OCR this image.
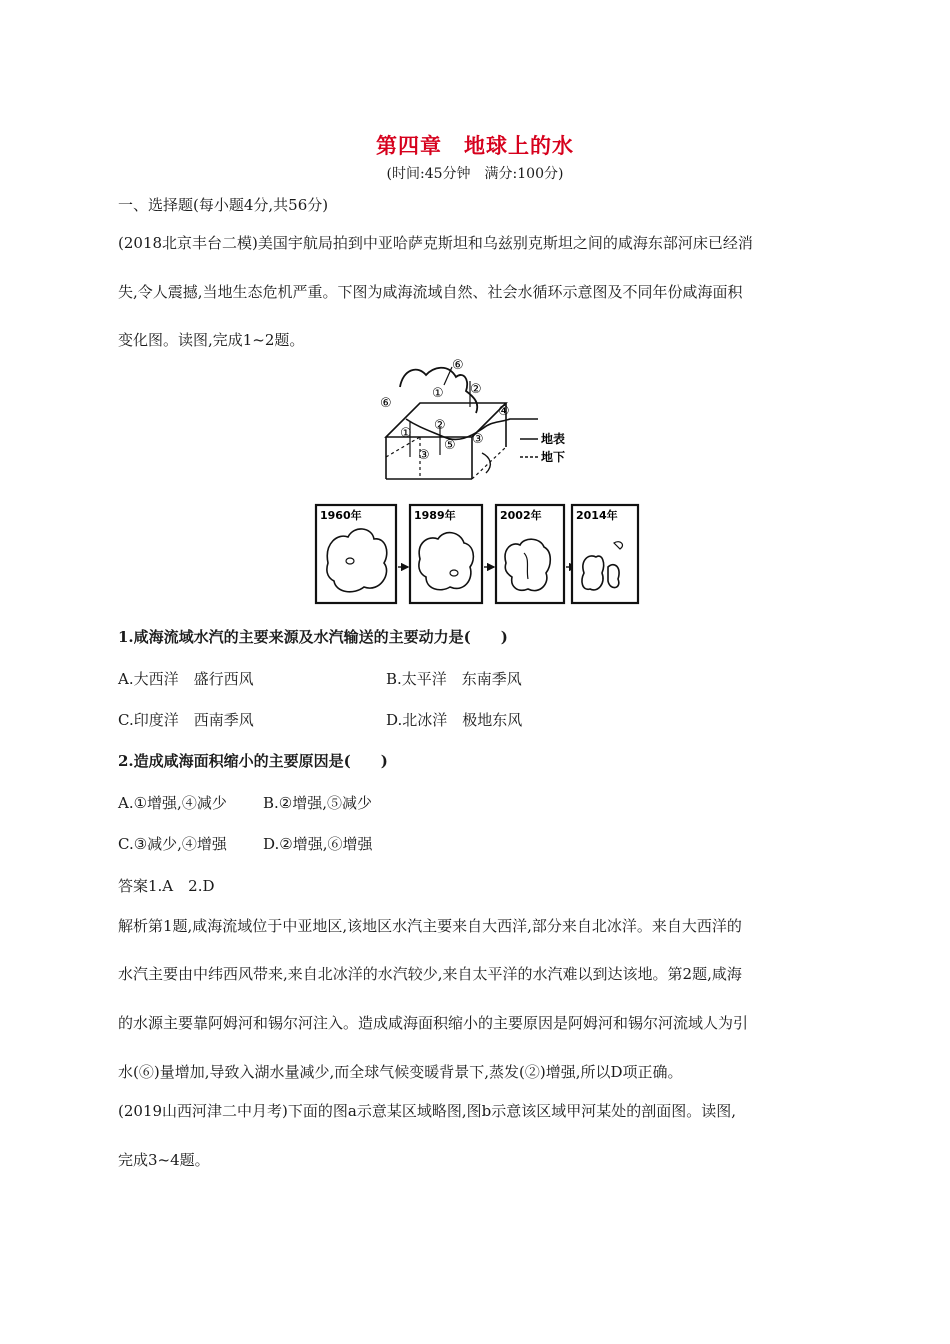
第四章　地球上的水
(时间:45分钟　满分:100分)
一、选择题(每小题4分,共56分)
(2018北京丰台二模)美国宇航局拍到中亚哈萨克斯坦和乌兹别克斯坦之间的咸海东部河床已经消
失,令人震撼,当地生态危机严重。下图为咸海流域自然、社会水循环示意图及不同年份咸海面积
变化图。读图,完成1~2题。
⑥
① ②
⑥
④
①
②
③
⑤ ③	地表
地下
1960年	1989年	2002年	2014年
1.咸海流域水汽的主要来源及水汽输送的主要动力是(　　)
A.大西洋　盛行西风	B.太平洋　东南季风
C.印度洋　西南季风	D.北冰洋　极地东风
2.造成咸海面积缩小的主要原因是(　　)
A.①增强,④减少 B.②增强,⑤减少
C.③减少,④增强 D.②增强,⑥增强
答案1.A　2.D
解析第1题,咸海流域位于中亚地区,该地区水汽主要来自大西洋,部分来自北冰洋。来自大西洋的
水汽主要由中纬西风带来,来自北冰洋的水汽较少,来自太平洋的水汽难以到达该地。第2题,咸海
的水源主要靠阿姆河和锡尔河注入。造成咸海面积缩小的主要原因是阿姆河和锡尔河流域人为引
水(⑥)量增加,导致入湖水量减少,而全球气候变暖背景下,蒸发(②)增强,所以D项正确。
(2019山西河津二中月考)下面的图a示意某区域略图,图b示意该区域甲河某处的剖面图。读图,
完成3~4题。
